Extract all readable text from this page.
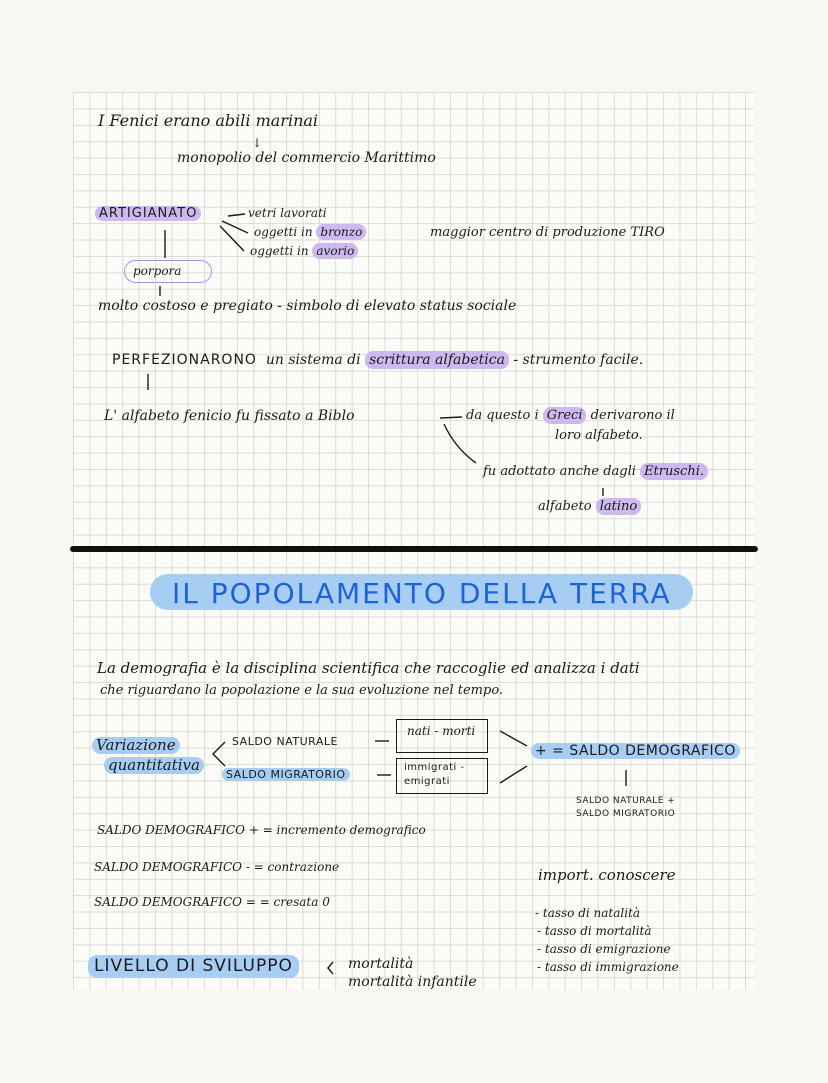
I Fenici erano abili marinai
↓
monopolio del commercio Marittimo
ARTIGIANATO	vetri lavorati
oggetti in bronzo
oggetti in avorio
maggior centro di produzione TIRO
porpora
molto costoso e pregiato - simbolo di elevato status sociale
PERFEZIONARONO un sistema di scrittura alfabetica - strumento facile.
L' alfabeto fenicio fu fissato a Biblo	da questo i Greci derivarono il
loro alfabeto.
fu adottato anche dagli Etruschi.
alfabeto latino
IL POPOLAMENTO DELLA TERRA
La demografia è la disciplina scientifica che raccoglie ed analizza i dati
che riguardano la popolazione e la sua evoluzione nel tempo.
Variazione
quantitativa
SALDO NATURALE
nati - morti
SALDO MIGRATORIO
immigrati -
emigrati
+ = SALDO DEMOGRAFICO
SALDO NATURALE +
SALDO MIGRATORIO
SALDO DEMOGRAFICO + = incremento demografico
SALDO DEMOGRAFICO - = contrazione
SALDO DEMOGRAFICO = = cresata 0
import. conoscere
- tasso di natalità
- tasso di mortalità
- tasso di emigrazione
- tasso di immigrazione
LIVELLO DI SVILUPPO	mortalità
mortalità infantile
